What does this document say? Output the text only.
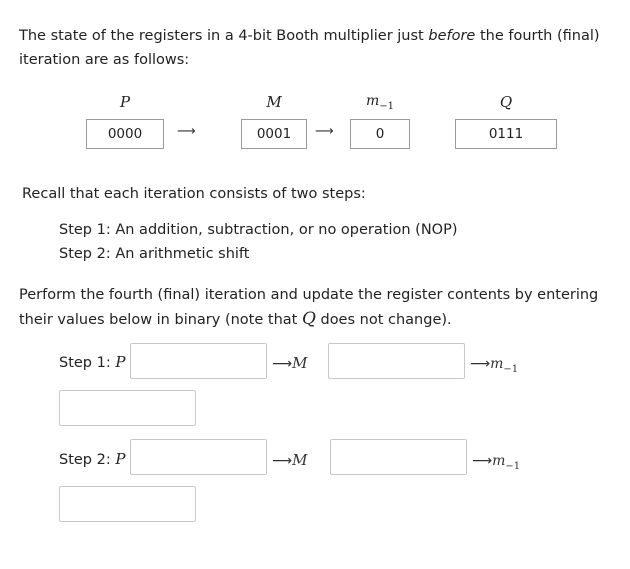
The state of the registers in a 4-bit Booth multiplier just before the fourth (final) iteration are as follows:
P	M	$m_{-1}$	Q
0000	⟶	0001 ⟶	0	0111
Recall that each iteration consists of two steps:
Step 1: An addition, subtraction, or no operation (NOP)
Step 2: An arithmetic shift
Perform the fourth (final) iteration and update the register contents by entering their values below in binary (note that Q does not change).
Step 1: P	⟶M	$⟶m_{-1}$
Step 2: P	⟶M	$⟶m_{-1}$
